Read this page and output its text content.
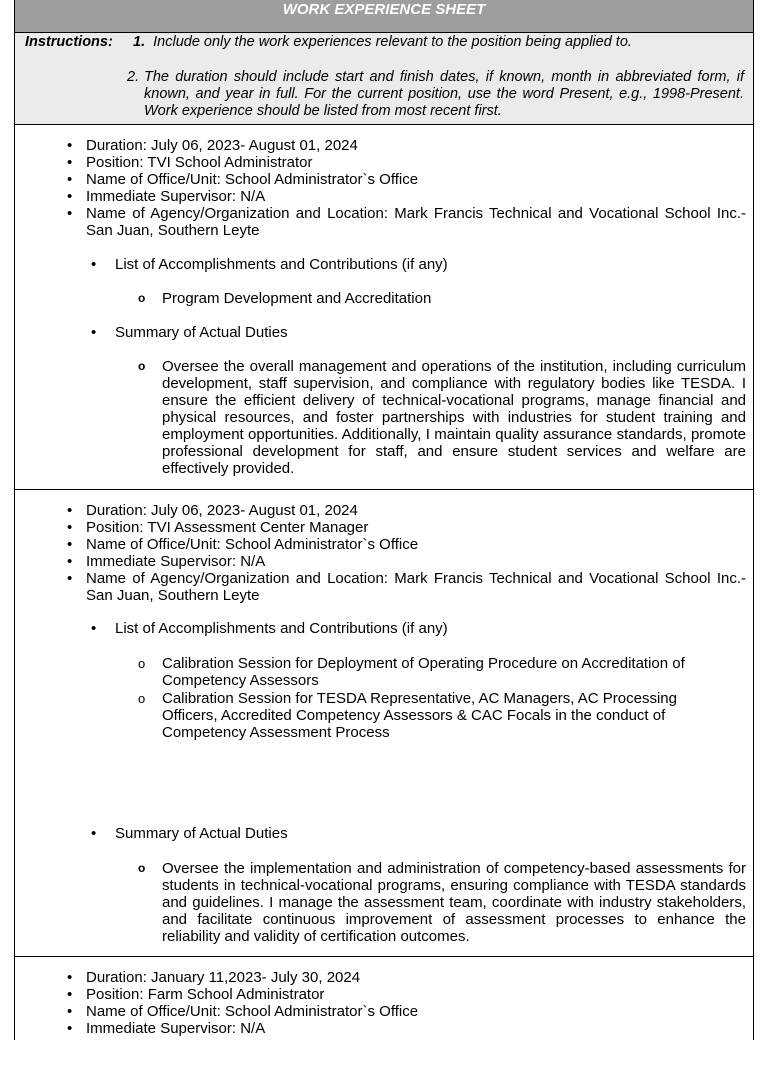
WORK EXPERIENCE SHEET
Instructions: 1. Include only the work experiences relevant to the position being applied to.
2. The duration should include start and finish dates, if known, month in abbreviated form, if known, and year in full. For the current position, use the word Present, e.g., 1998-Present. Work experience should be listed from most recent first.
• Duration: July 06, 2023- August 01, 2024
• Position: TVI School Administrator
• Name of Office/Unit: School Administrator`s Office
• Immediate Supervisor: N/A
• Name of Agency/Organization and Location: Mark Francis Technical and Vocational School Inc.- San Juan, Southern Leyte
• List of Accomplishments and Contributions (if any)
o Program Development and Accreditation
• Summary of Actual Duties
o Oversee the overall management and operations of the institution, including curriculum development, staff supervision, and compliance with regulatory bodies like TESDA. I ensure the efficient delivery of technical-vocational programs, manage financial and physical resources, and foster partnerships with industries for student training and employment opportunities. Additionally, I maintain quality assurance standards, promote professional development for staff, and ensure student services and welfare are effectively provided.
• Duration: July 06, 2023- August 01, 2024
• Position: TVI Assessment Center Manager
• Name of Office/Unit: School Administrator`s Office
• Immediate Supervisor: N/A
• Name of Agency/Organization and Location: Mark Francis Technical and Vocational School Inc.- San Juan, Southern Leyte
• List of Accomplishments and Contributions (if any)
o Calibration Session for Deployment of Operating Procedure on Accreditation of Competency Assessors
o Calibration Session for TESDA Representative, AC Managers, AC Processing Officers, Accredited Competency Assessors & CAC Focals in the conduct of Competency Assessment Process
• Summary of Actual Duties
o Oversee the implementation and administration of competency-based assessments for students in technical-vocational programs, ensuring compliance with TESDA standards and guidelines. I manage the assessment team, coordinate with industry stakeholders, and facilitate continuous improvement of assessment processes to enhance the reliability and validity of certification outcomes.
• Duration: January 11,2023- July 30, 2024
• Position: Farm School Administrator
• Name of Office/Unit: School Administrator`s Office
• Immediate Supervisor: N/A
